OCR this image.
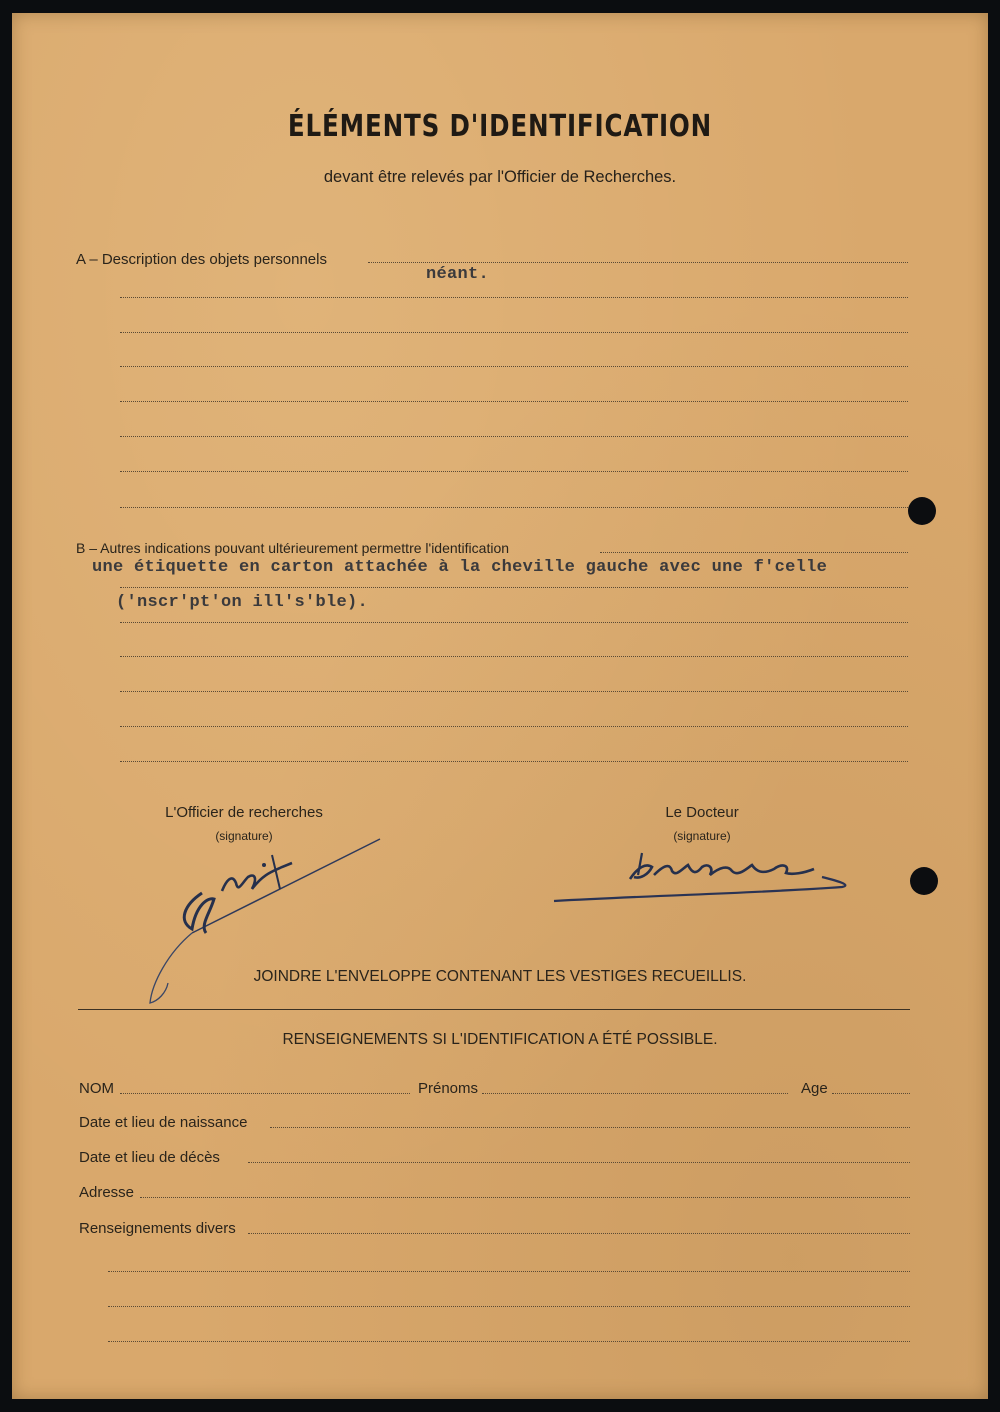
ÉLÉMENTS D'IDENTIFICATION
devant être relevés par l'Officier de Recherches.
A – Description des objets personnels
néant.
B – Autres indications pouvant ultérieurement permettre l'identification
une étiquette en carton attachée à la cheville gauche avec une f'celle
('nscr'pt'on ill's'ble).
L'Officier de recherches
(signature)
Le Docteur
(signature)
JOINDRE L'ENVELOPPE CONTENANT LES VESTIGES RECUEILLIS.
RENSEIGNEMENTS SI L'IDENTIFICATION A ÉTÉ POSSIBLE.
NOM	Prénoms	Age
Date et lieu de naissance
Date et lieu de décès
Adresse
Renseignements divers
